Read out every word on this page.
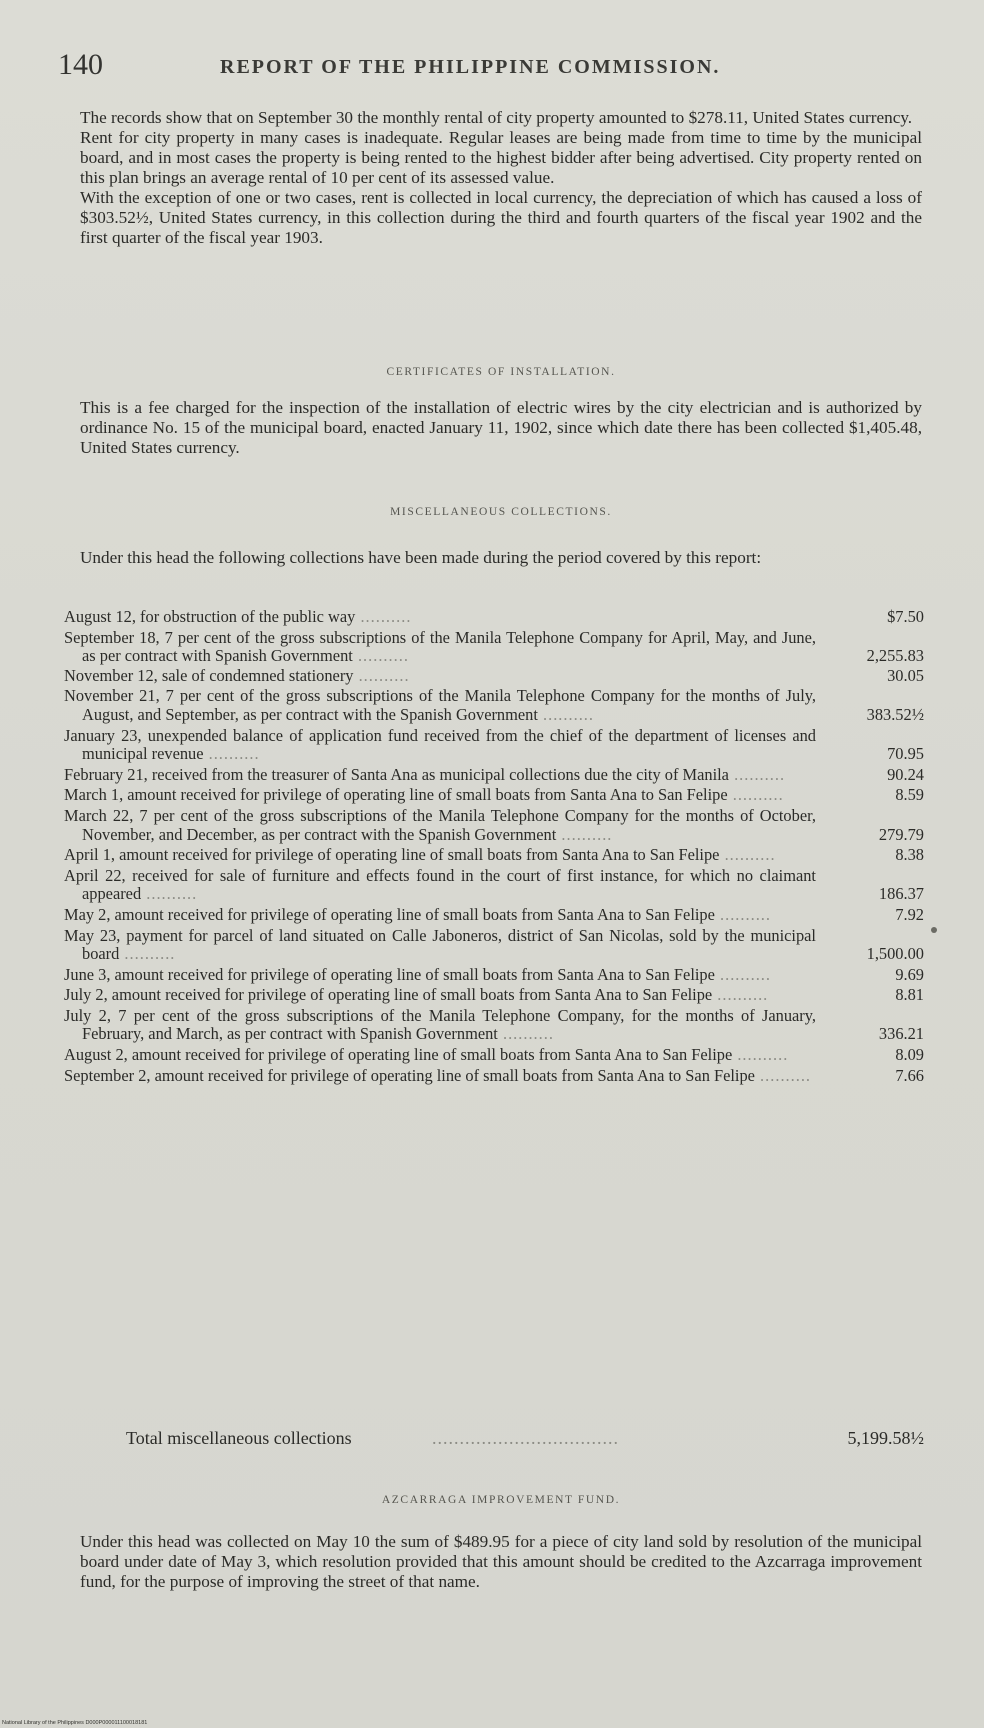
140	REPORT OF THE PHILIPPINE COMMISSION.

The records show that on September 30 the monthly rental of city property amounted to $278.11, United States currency.

Rent for city property in many cases is inadequate. Regular leases are being made from time to time by the municipal board, and in most cases the property is being rented to the highest bidder after being advertised. City property rented on this plan brings an average rental of 10 per cent of its assessed value.

With the exception of one or two cases, rent is collected in local currency, the depreciation of which has caused a loss of $303.52½, United States currency, in this collection during the third and fourth quarters of the fiscal year 1902 and the first quarter of the fiscal year 1903.

CERTIFICATES OF INSTALLATION.

This is a fee charged for the inspection of the installation of electric wires by the city electrician and is authorized by ordinance No. 15 of the municipal board, enacted January 11, 1902, since which date there has been collected $1,405.48, United States currency.

MISCELLANEOUS COLLECTIONS.

Under this head the following collections have been made during the period covered by this report:

August 12, for obstruction of the public way ..........	$7.50
September 18, 7 per cent of the gross subscriptions of the Manila Telephone Company for April, May, and June, as per contract with Spanish Government ..........	2,255.83
November 12, sale of condemned stationery ..........	30.05
November 21, 7 per cent of the gross subscriptions of the Manila Telephone Company for the months of July, August, and September, as per contract with the Spanish Government ..........	383.52½
January 23, unexpended balance of application fund received from the chief of the department of licenses and municipal revenue ..........	70.95
February 21, received from the treasurer of Santa Ana as municipal collections due the city of Manila ..........	90.24
March 1, amount received for privilege of operating line of small boats from Santa Ana to San Felipe ..........	8.59
March 22, 7 per cent of the gross subscriptions of the Manila Telephone Company for the months of October, November, and December, as per contract with the Spanish Government ..........	279.79
April 1, amount received for privilege of operating line of small boats from Santa Ana to San Felipe ..........	8.38
April 22, received for sale of furniture and effects found in the court of first instance, for which no claimant appeared ..........	186.37
May 2, amount received for privilege of operating line of small boats from Santa Ana to San Felipe ..........	7.92
May 23, payment for parcel of land situated on Calle Jaboneros, district of San Nicolas, sold by the municipal board ..........	1,500.00
June 3, amount received for privilege of operating line of small boats from Santa Ana to San Felipe ..........	9.69
July 2, amount received for privilege of operating line of small boats from Santa Ana to San Felipe ..........	8.81
July 2, 7 per cent of the gross subscriptions of the Manila Telephone Company, for the months of January, February, and March, as per contract with Spanish Government ..........	336.21
August 2, amount received for privilege of operating line of small boats from Santa Ana to San Felipe ..........	8.09
September 2, amount received for privilege of operating line of small boats from Santa Ana to San Felipe ..........	7.66
Total miscellaneous collections	..................................	5,199.58½

AZCARRAGA IMPROVEMENT FUND.

Under this head was collected on May 10 the sum of $489.95 for a piece of city land sold by resolution of the municipal board under date of May 3, which resolution provided that this amount should be credited to the Azcarraga improvement fund, for the purpose of improving the street of that name.

National Library of the Philippines D000P000011100018181
